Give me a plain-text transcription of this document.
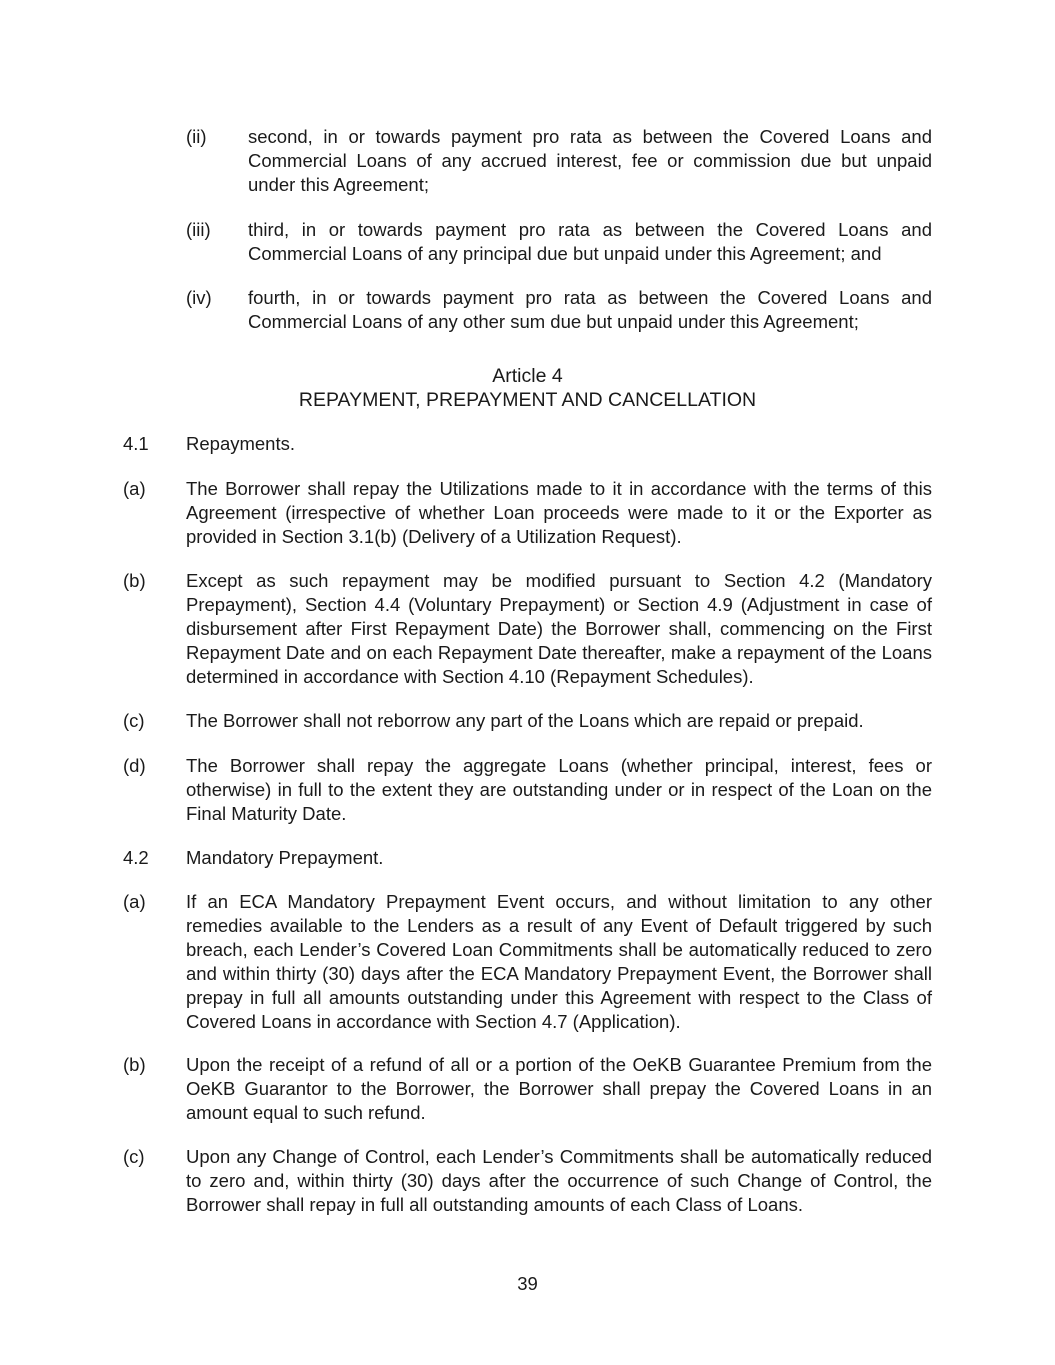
(ii) second, in or towards payment pro rata as between the Covered Loans and Commercial Loans of any accrued interest, fee or commission due but unpaid under this Agreement;
(iii) third, in or towards payment pro rata as between the Covered Loans and Commercial Loans of any principal due but unpaid under this Agreement; and
(iv) fourth, in or towards payment pro rata as between the Covered Loans and Commercial Loans of any other sum due but unpaid under this Agreement;
Article 4
REPAYMENT, PREPAYMENT AND CANCELLATION
4.1 Repayments.
(a) The Borrower shall repay the Utilizations made to it in accordance with the terms of this Agreement (irrespective of whether Loan proceeds were made to it or the Exporter as provided in Section 3.1(b) (Delivery of a Utilization Request).
(b) Except as such repayment may be modified pursuant to Section 4.2 (Mandatory Prepayment), Section 4.4 (Voluntary Prepayment) or Section 4.9 (Adjustment in case of disbursement after First Repayment Date) the Borrower shall, commencing on the First Repayment Date and on each Repayment Date thereafter, make a repayment of the Loans determined in accordance with Section 4.10 (Repayment Schedules).
(c) The Borrower shall not reborrow any part of the Loans which are repaid or prepaid.
(d) The Borrower shall repay the aggregate Loans (whether principal, interest, fees or otherwise) in full to the extent they are outstanding under or in respect of the Loan on the Final Maturity Date.
4.2 Mandatory Prepayment.
(a) If an ECA Mandatory Prepayment Event occurs, and without limitation to any other remedies available to the Lenders as a result of any Event of Default triggered by such breach, each Lender’s Covered Loan Commitments shall be automatically reduced to zero and within thirty (30) days after the ECA Mandatory Prepayment Event, the Borrower shall prepay in full all amounts outstanding under this Agreement with respect to the Class of Covered Loans in accordance with Section 4.7 (Application).
(b) Upon the receipt of a refund of all or a portion of the OeKB Guarantee Premium from the OeKB Guarantor to the Borrower, the Borrower shall prepay the Covered Loans in an amount equal to such refund.
(c) Upon any Change of Control, each Lender’s Commitments shall be automatically reduced to zero and, within thirty (30) days after the occurrence of such Change of Control, the Borrower shall repay in full all outstanding amounts of each Class of Loans.
39
